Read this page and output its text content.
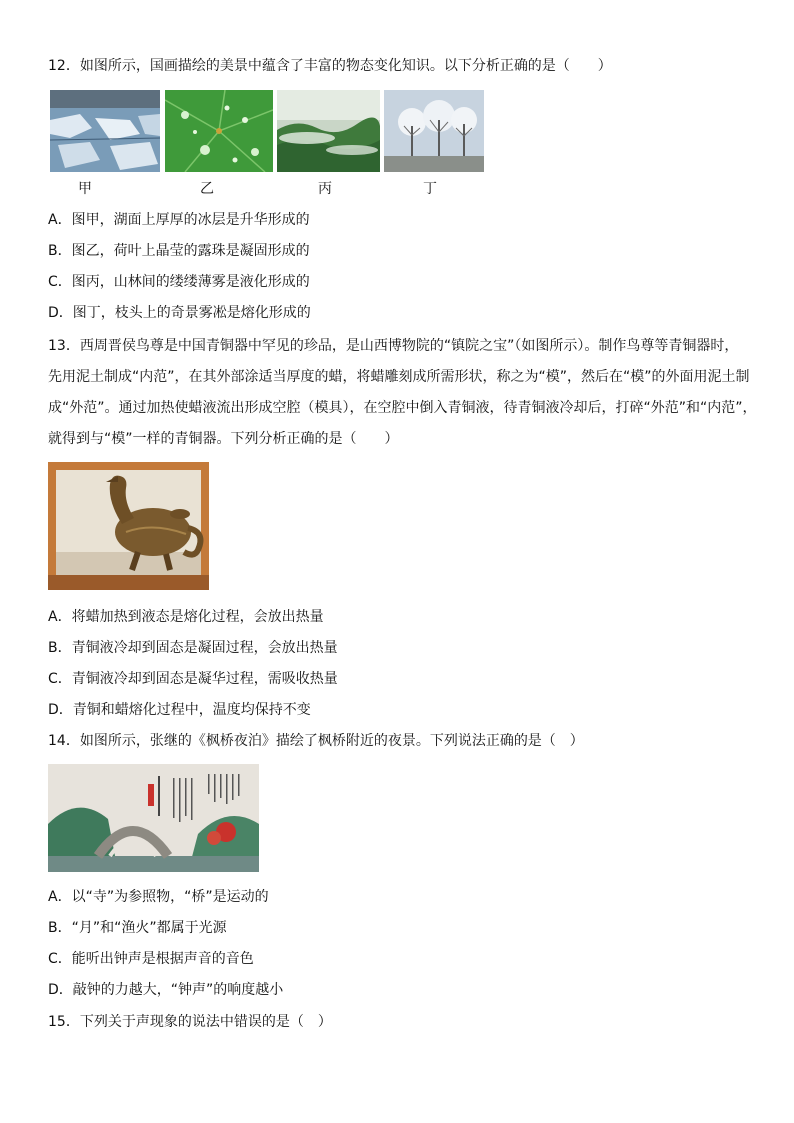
12．如图所示，国画描绘的美景中蕴含了丰富的物态变化知识。以下分析正确的是（　　）
甲	乙	丙	丁
A．图甲，湖面上厚厚的冰层是升华形成的
B．图乙，荷叶上晶莹的露珠是凝固形成的
C．图丙，山林间的缕缕薄雾是液化形成的
D．图丁，枝头上的奇景雾凇是熔化形成的
13．西周晋侯鸟尊是中国青铜器中罕见的珍品，是山西博物院的“镇院之宝”（如图所示）。制作鸟尊等青铜器时，
先用泥土制成“内范”，在其外部涂适当厚度的蜡，将蜡雕刻成所需形状，称之为“模”，然后在“模”的外面用泥土制
成“外范”。通过加热使蜡液流出形成空腔（模具），在空腔中倒入青铜液，待青铜液冷却后，打碎“外范”和“内范”，
就得到与“模”一样的青铜器。下列分析正确的是（　　）
A．将蜡加热到液态是熔化过程，会放出热量
B．青铜液冷却到固态是凝固过程，会放出热量
C．青铜液冷却到固态是凝华过程，需吸收热量
D．青铜和蜡熔化过程中，温度均保持不变
14．如图所示，张继的《枫桥夜泊》描绘了枫桥附近的夜景。下列说法正确的是（　）
A．以“寺”为参照物，“桥”是运动的
B．“月”和“渔火”都属于光源
C．能听出钟声是根据声音的音色
D．敲钟的力越大，“钟声”的响度越小
15．下列关于声现象的说法中错误的是（　）
